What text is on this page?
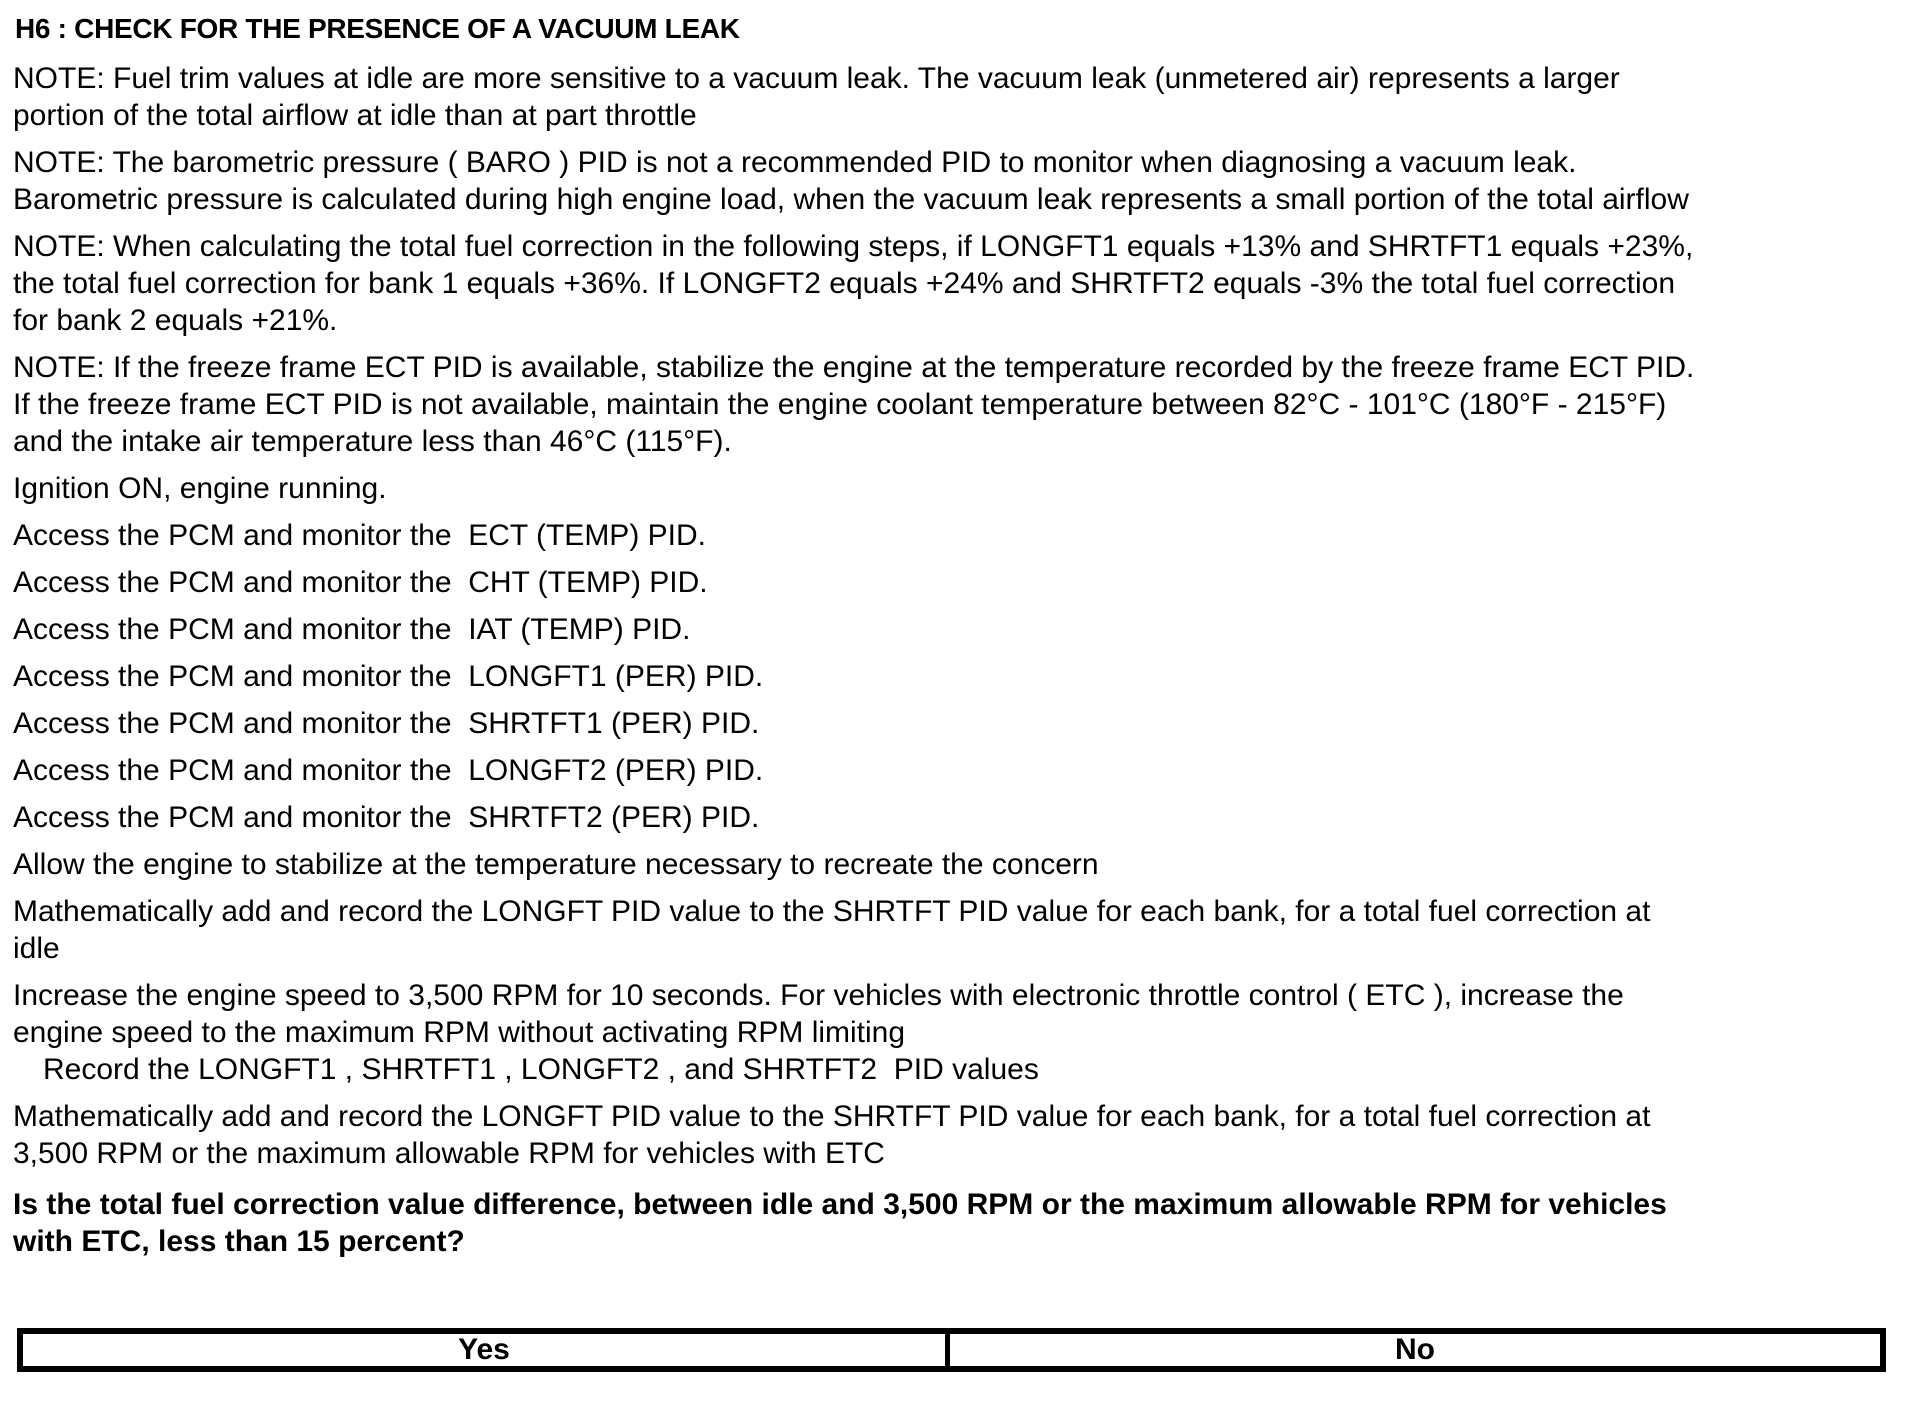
H6 : CHECK FOR THE PRESENCE OF A VACUUM LEAK
NOTE: Fuel trim values at idle are more sensitive to a vacuum leak. The vacuum leak (unmetered air) represents a larger
portion of the total airflow at idle than at part throttle
NOTE: The barometric pressure ( BARO ) PID is not a recommended PID to monitor when diagnosing a vacuum leak.
Barometric pressure is calculated during high engine load, when the vacuum leak represents a small portion of the total airflow
NOTE: When calculating the total fuel correction in the following steps, if LONGFT1 equals +13% and SHRTFT1 equals +23%,
the total fuel correction for bank 1 equals +36%. If LONGFT2 equals +24% and SHRTFT2 equals -3% the total fuel correction
for bank 2 equals +21%.
NOTE: If the freeze frame ECT PID is available, stabilize the engine at the temperature recorded by the freeze frame ECT PID.
If the freeze frame ECT PID is not available, maintain the engine coolant temperature between 82°C - 101°C (180°F - 215°F)
and the intake air temperature less than 46°C (115°F).
Ignition ON, engine running.
Access the PCM and monitor the  ECT (TEMP) PID.
Access the PCM and monitor the  CHT (TEMP) PID.
Access the PCM and monitor the  IAT (TEMP) PID.
Access the PCM and monitor the  LONGFT1 (PER) PID.
Access the PCM and monitor the  SHRTFT1 (PER) PID.
Access the PCM and monitor the  LONGFT2 (PER) PID.
Access the PCM and monitor the  SHRTFT2 (PER) PID.
Allow the engine to stabilize at the temperature necessary to recreate the concern
Mathematically add and record the LONGFT PID value to the SHRTFT PID value for each bank, for a total fuel correction at
idle
Increase the engine speed to 3,500 RPM for 10 seconds. For vehicles with electronic throttle control ( ETC ), increase the
engine speed to the maximum RPM without activating RPM limiting
Record the LONGFT1 , SHRTFT1 , LONGFT2 , and SHRTFT2  PID values
Mathematically add and record the LONGFT PID value to the SHRTFT PID value for each bank, for a total fuel correction at
3,500 RPM or the maximum allowable RPM for vehicles with ETC
Is the total fuel correction value difference, between idle and 3,500 RPM or the maximum allowable RPM for vehicles
with ETC, less than 15 percent?
Yes	No
